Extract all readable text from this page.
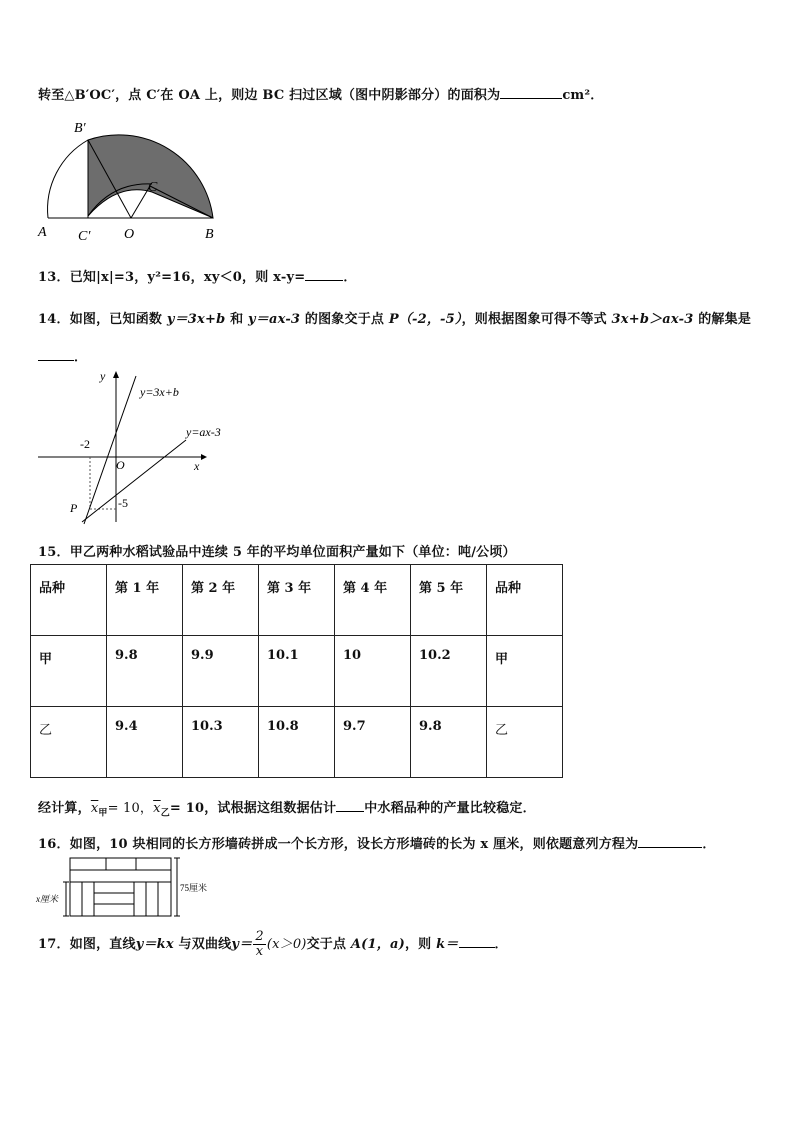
转至△B′OC′，点 C′在 OA 上，则边 BC 扫过区域（图中阴影部分）的面积为	cm²．
B′
C
A C′ O	B
13．已知|x|=3，y²=16，xy＜0，则 x-y=	．
14．如图，已知函数 y＝3x+b 和 y＝ax-3 的图象交于点 P（-2，-5），则根据图象可得不等式 3x+b＞ax-3 的解集是
．
y
y=3x+b
y=ax-3
-2
O	x
-5
P
15．甲乙两种水稻试验品中连续 5 年的平均单位面积产量如下（单位：吨/公顷）
品种	第 1 年	第 2 年	第 3 年	第 4 年	第 5 年	品种
甲	9.8	9.9	10.1	10	10.2	甲
乙	9.4	10.3	10.8	9.7	9.8	乙
经计算，$\overline{x}_甲= 10$，$\overline{x}_乙= 10$，试根据这组数据估计 中水稻品种的产量比较稳定．
16．如图，10 块相同的长方形墙砖拼成一个长方形，设长方形墙砖的长为 x 厘米，则依题意列方程为	．
x厘米
75厘米
17．如图，直线y＝kx 与双曲线$y= \frac{2}{x} (x>0)$交于点 A(1，a)，则 k＝	．
